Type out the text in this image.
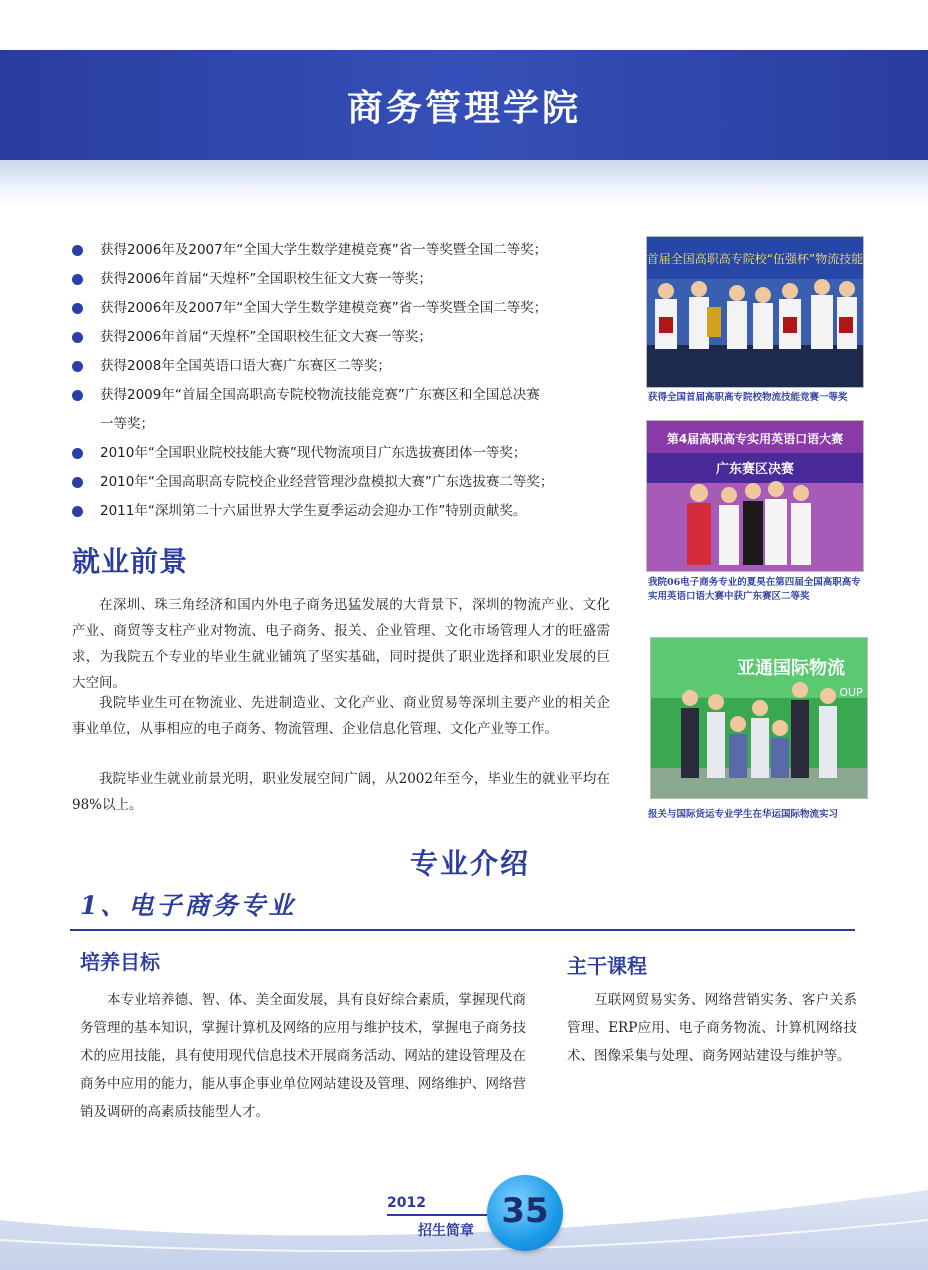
商务管理学院
获得2006年及2007年“全国大学生数学建模竞赛”省一等奖暨全国二等奖；
获得2006年首届“天煌杯”全国职校生征文大赛一等奖；
获得2006年及2007年“全国大学生数学建模竞赛”省一等奖暨全国二等奖；
获得2006年首届“天煌杯”全国职校生征文大赛一等奖；
获得2008年全国英语口语大赛广东赛区二等奖；
获得2009年“首届全国高职高专院校物流技能竞赛”广东赛区和全国总决赛
一等奖；
2010年“全国职业院校技能大赛”现代物流项目广东选拔赛团体一等奖；
2010年“全国高职高专院校企业经营管理沙盘模拟大赛”广东选拔赛二等奖；
2011年“深圳第二十六届世界大学生夏季运动会迎办工作”特别贡献奖。
就业前景

在深圳、珠三角经济和国内外电子商务迅猛发展的大背景下，深圳的物流产业、文化产业、商贸等支柱产业对物流、电子商务、报关、企业管理、文化市场管理人才的旺盛需求，为我院五个专业的毕业生就业铺筑了坚实基础，同时提供了职业选择和职业发展的巨大空间。

我院毕业生可在物流业、先进制造业、文化产业、商业贸易等深圳主要产业的相关企事业单位，从事相应的电子商务、物流管理、企业信息化管理、文化产业等工作。

我院毕业生就业前景光明，职业发展空间广阔，从2002年至今，毕业生的就业平均在98%以上。

首届全国高职高专院校“伍强杯”物流技能
获得全国首届高职高专院校物流技能竞赛一等奖
第4届高职高专实用英语口语大赛
广东赛区决赛
我院06电子商务专业的夏昊在第四届全国高职高专实用英语口语大赛中获广东赛区二等奖
亚通国际物流
OUP
报关与国际货运专业学生在华运国际物流实习
专业介绍
1、电子商务专业
培养目标

本专业培养德、智、体、美全面发展，具有良好综合素质，掌握现代商务管理的基本知识，掌握计算机及网络的应用与维护技术，掌握电子商务技术的应用技能，具有使用现代信息技术开展商务活动、网站的建设管理及在商务中应用的能力，能从事企事业单位网站建设及管理、网络维护、网络营销及调研的高素质技能型人才。

主干课程

互联网贸易实务、网络营销实务、客户关系管理、ERP应用、电子商务物流、计算机网络技术、图像采集与处理、商务网站建设与维护等。

2012
招生简章 35
